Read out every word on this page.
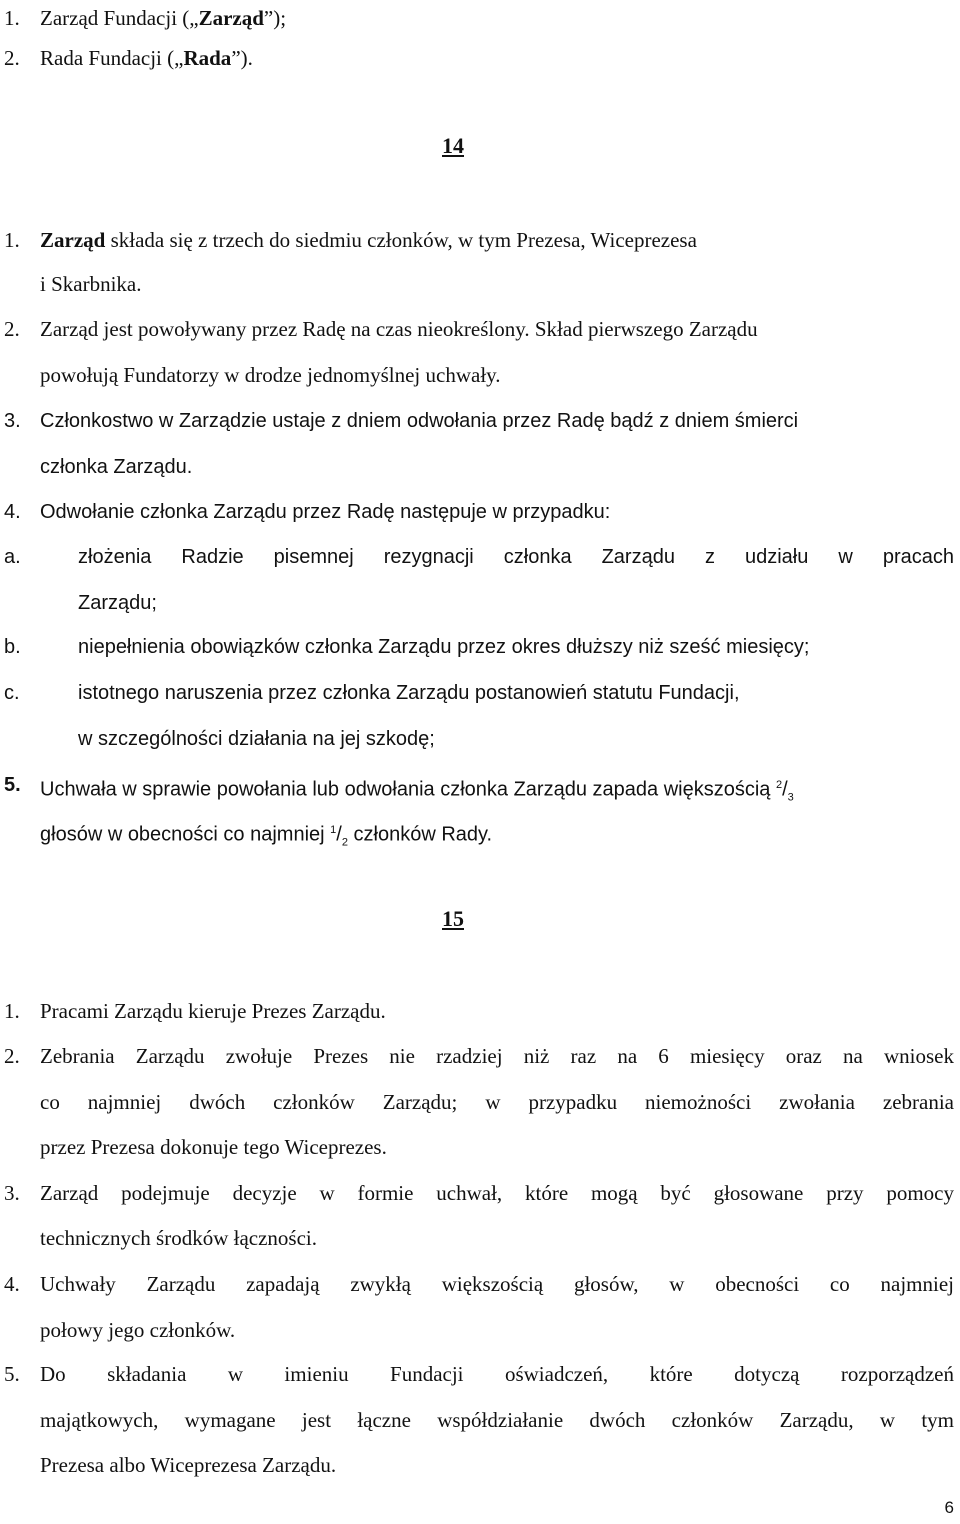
1. Zarząd Fundacji („Zarząd”);
2. Rada Fundacji („Rada”).
14
1. Zarząd składa się z trzech do siedmiu członków, w tym Prezesa, Wiceprezesa
i Skarbnika.
2. Zarząd jest powoływany przez Radę na czas nieokreślony. Skład pierwszego Zarządu
powołują Fundatorzy w drodze jednomyślnej uchwały.
3. Członkostwo w Zarządzie ustaje z dniem odwołania przez Radę bądź z dniem śmierci
członka Zarządu.
4. Odwołanie członka Zarządu przez Radę następuje w przypadku:
a.	złożenia Radzie pisemnej rezygnacji członka Zarządu z udziału w pracach
Zarządu;
b.	niepełnienia obowiązków członka Zarządu przez okres dłuższy niż sześć miesięcy;
c.	istotnego naruszenia przez członka Zarządu postanowień statutu Fundacji,
w szczególności działania na jej szkodę;
5. Uchwała w sprawie powołania lub odwołania członka Zarządu zapada większością $^2/_3$
głosów w obecności co najmniej $^1/_2$ członków Rady.
15
1. Pracami Zarządu kieruje Prezes Zarządu.
2. Zebrania Zarządu zwołuje Prezes nie rzadziej niż raz na 6 miesięcy oraz na wniosek
co najmniej dwóch członków Zarządu; w przypadku niemożności zwołania zebrania
przez Prezesa dokonuje tego Wiceprezes.
3. Zarząd podejmuje decyzje w formie uchwał, które mogą być głosowane przy pomocy
technicznych środków łączności.
4. Uchwały Zarządu zapadają zwykłą większością głosów, w obecności co najmniej
połowy jego członków.
5. Do składania w imieniu Fundacji oświadczeń, które dotyczą rozporządzeń
majątkowych, wymagane jest łączne współdziałanie dwóch członków Zarządu, w tym
Prezesa albo Wiceprezesa Zarządu.
6
